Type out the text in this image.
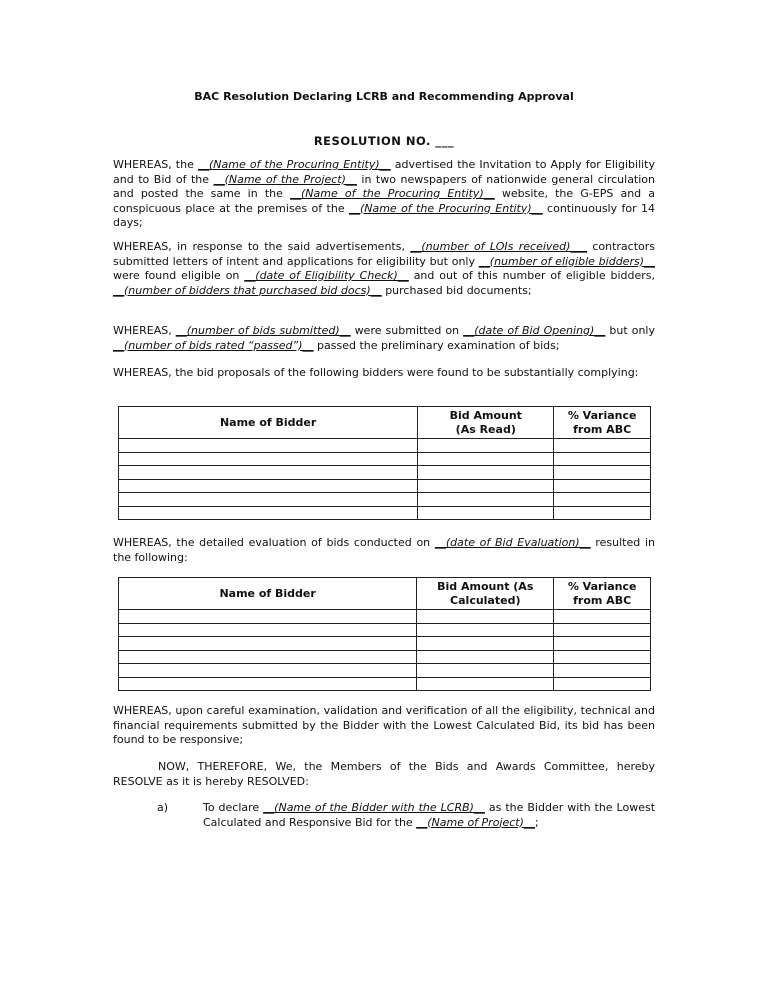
BAC Resolution Declaring LCRB and Recommending Approval
RESOLUTION NO. ___
WHEREAS, the __(Name of the Procuring Entity)__ advertised the Invitation to Apply for Eligibility and to Bid of the __(Name of the Project)__ in two newspapers of nationwide general circulation and posted the same in the __(Name of the Procuring Entity)__ website, the G-EPS and a conspicuous place at the premises of the __(Name of the Procuring Entity)__ continuously for 14 days;
WHEREAS, in response to the said advertisements, __(number of LOIs received)___ contractors submitted letters of intent and applications for eligibility but only __(number of eligible bidders)__ were found eligible on __(date of Eligibility Check)__ and out of this number of eligible bidders, __(number of bidders that purchased bid docs)__ purchased bid documents;
WHEREAS, __(number of bids submitted)__ were submitted on __(date of Bid Opening)__ but only __(number of bids rated “passed”)__ passed the preliminary examination of bids;
WHEREAS, the bid proposals of the following bidders were found to be substantially complying:
Name of Bidder	Bid Amount (As Read)	% Variance from ABC

WHEREAS, the detailed evaluation of bids conducted on __(date of Bid Evaluation)__ resulted in the following:
Name of Bidder	Bid Amount (As Calculated)	% Variance from ABC

WHEREAS, upon careful examination, validation and verification of all the eligibility, technical and financial requirements submitted by the Bidder with the Lowest Calculated Bid, its bid has been found to be responsive;
NOW, THEREFORE, We, the Members of the Bids and Awards Committee, hereby RESOLVE as it is hereby RESOLVED:
a)	To declare __(Name of the Bidder with the LCRB)__ as the Bidder with the Lowest Calculated and Responsive Bid for the __(Name of Project)__;
